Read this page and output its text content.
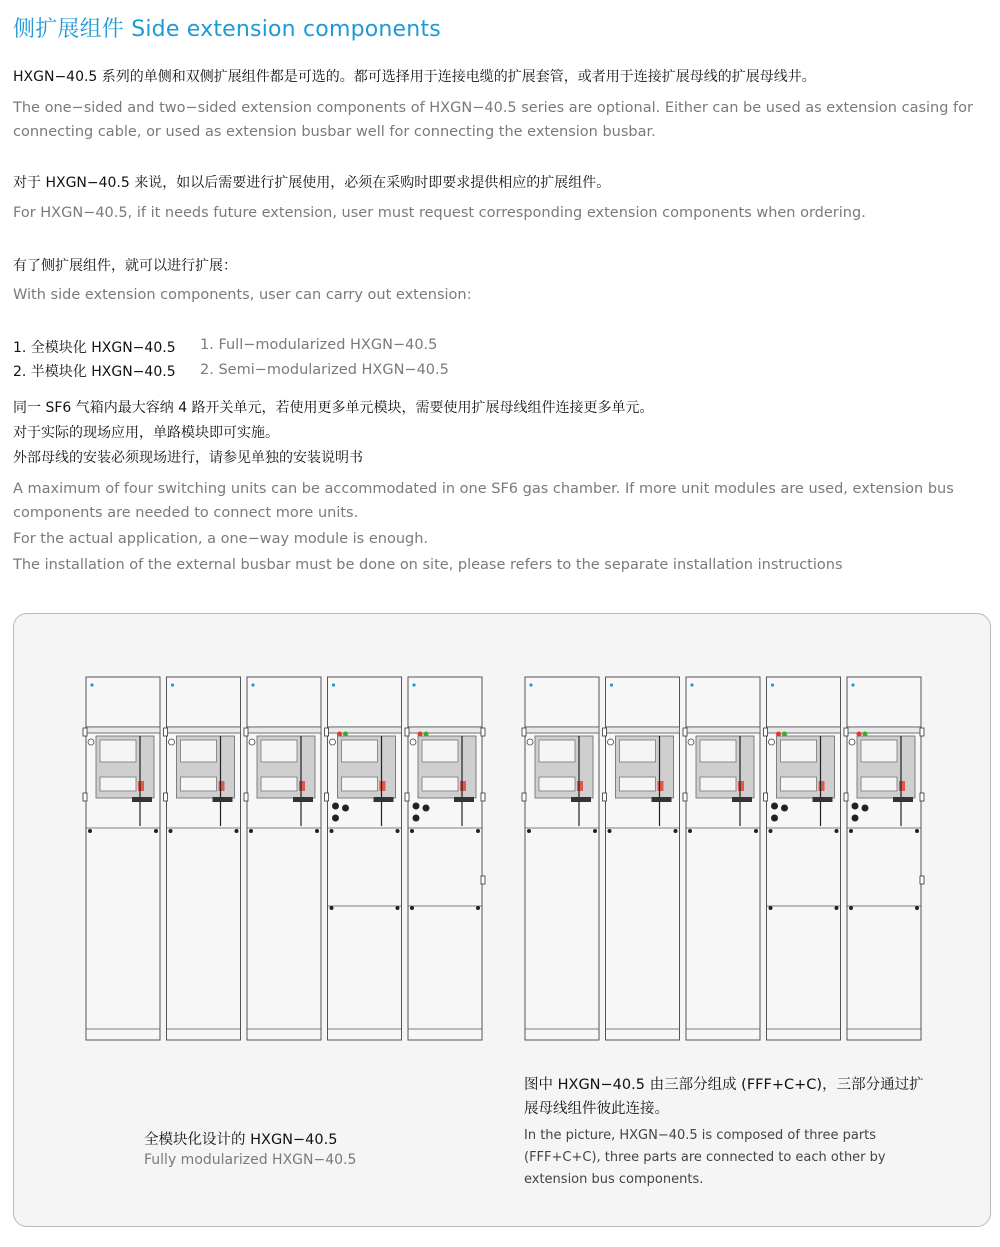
侧扩展组件 Side extension components
HXGN−40.5 系列的单侧和双侧扩展组件都是可选的。都可选择用于连接电缆的扩展套管，或者用于连接扩展母线的扩展母线井。
The one−sided and two−sided extension components of HXGN−40.5 series are optional. Either can be used as extension casing for connecting cable, or used as extension busbar well for connecting the extension busbar.
对于 HXGN−40.5 来说，如以后需要进行扩展使用，必须在采购时即要求提供相应的扩展组件。
For HXGN−40.5, if it needs future extension, user must request corresponding extension components when ordering.
有了侧扩展组件，就可以进行扩展：
With side extension components, user can carry out extension:
1. 全模块化 HXGN−40.5 1. Full−modularized HXGN−40.5
2. 半模块化 HXGN−40.5 2. Semi−modularized HXGN−40.5
同一 SF6 气箱内最大容纳 4 路开关单元，若使用更多单元模块，需要使用扩展母线组件连接更多单元。
对于实际的现场应用，单路模块即可实施。
外部母线的安装必须现场进行，请参见单独的安装说明书
A maximum of four switching units can be accommodated in one SF6 gas chamber. If more unit modules are used, extension bus components are needed to connect more units.
For the actual application, a one−way module is enough.
The installation of the external busbar must be done on site, please refers to the separate installation instructions
全模块化设计的 HXGN−40.5
Fully modularized HXGN−40.5
图中 HXGN−40.5 由三部分组成 (FFF+C+C)，三部分通过扩展母线组件彼此连接。
In the picture, HXGN−40.5 is composed of three parts (FFF+C+C), three parts are connected to each other by extension bus components.
